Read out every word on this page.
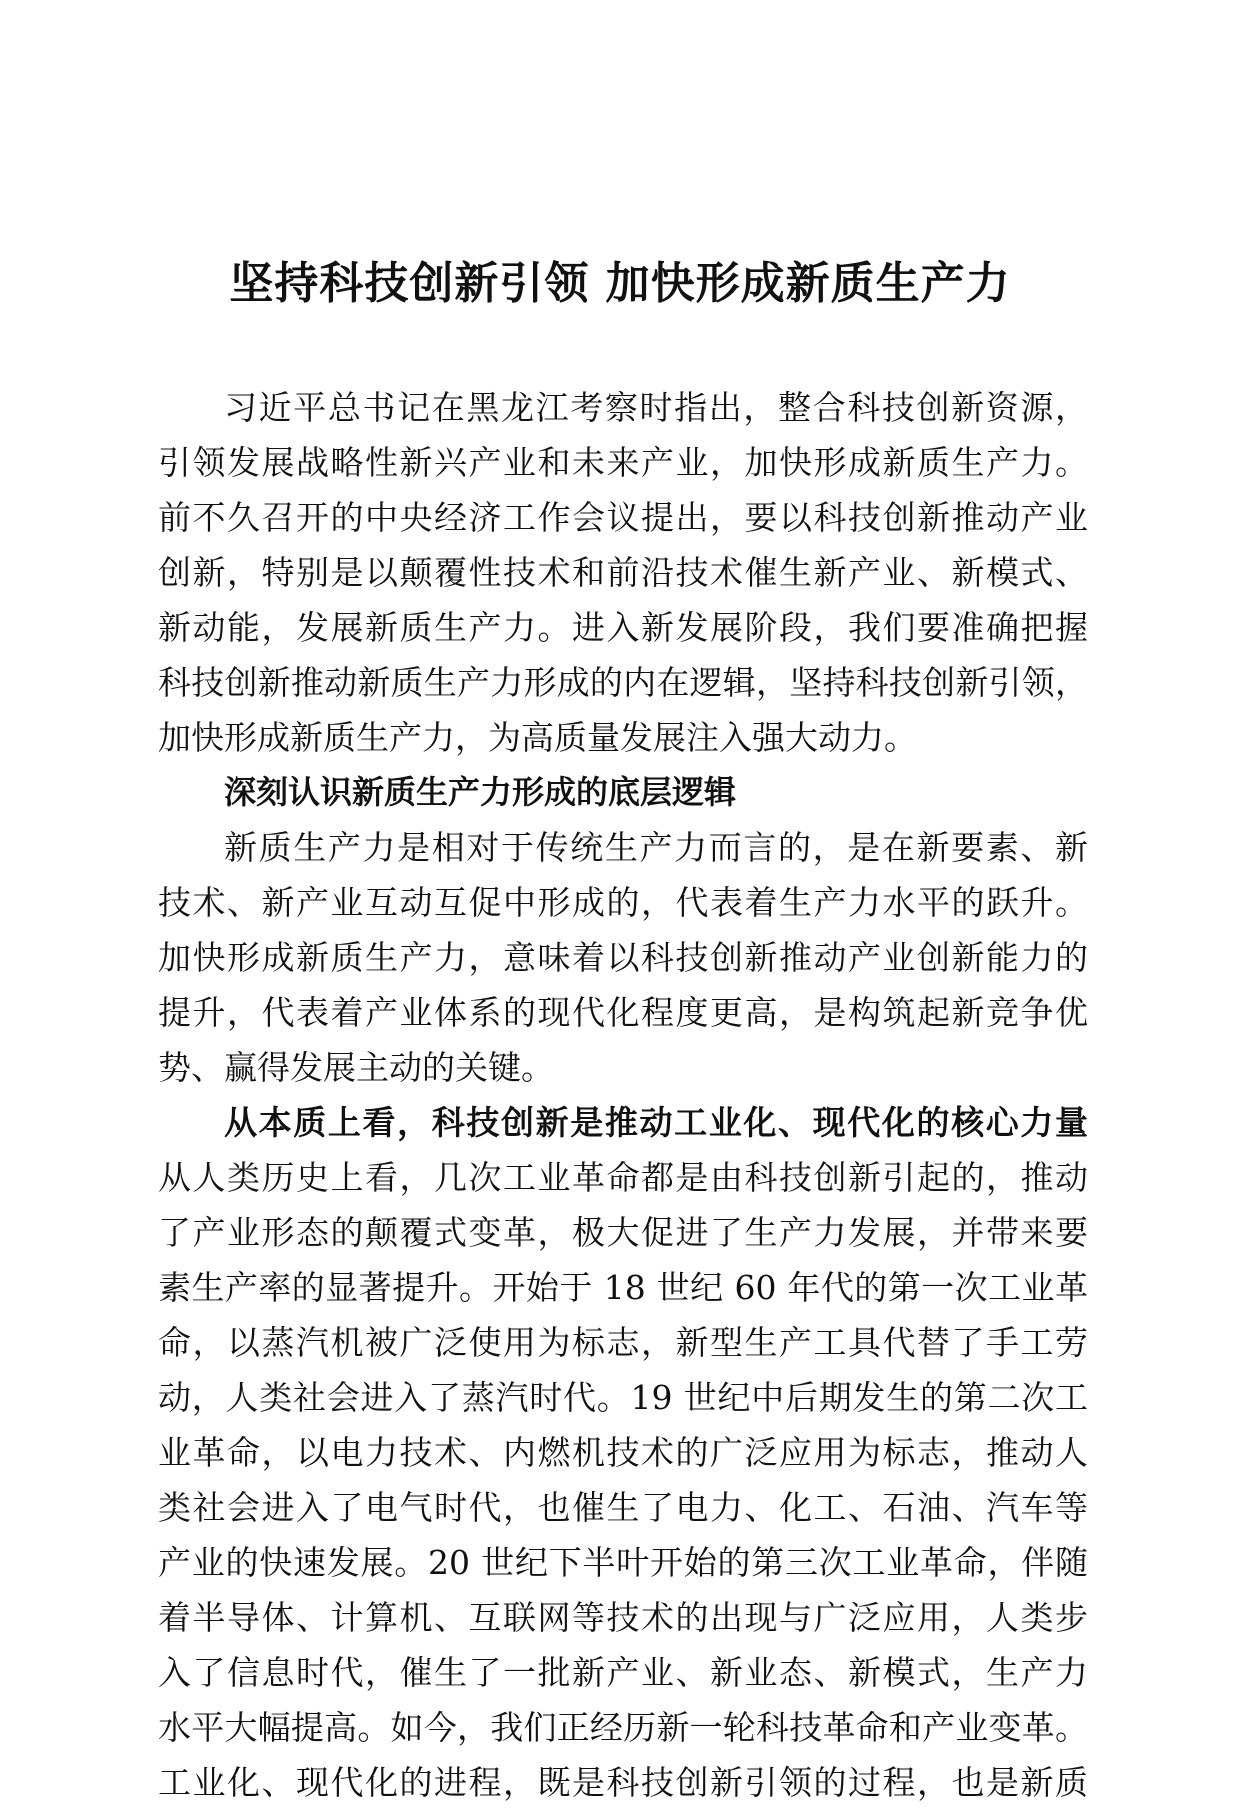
坚持科技创新引领 加快形成新质生产力
习近平总书记在黑龙江考察时指出，整合科技创新资源，
引领发展战略性新兴产业和未来产业，加快形成新质生产力。
前不久召开的中央经济工作会议提出，要以科技创新推动产业
创新，特别是以颠覆性技术和前沿技术催生新产业、新模式、
新动能，发展新质生产力。进入新发展阶段，我们要准确把握
科技创新推动新质生产力形成的内在逻辑，坚持科技创新引领，
加快形成新质生产力，为高质量发展注入强大动力。
深刻认识新质生产力形成的底层逻辑
新质生产力是相对于传统生产力而言的，是在新要素、新
技术、新产业互动互促中形成的，代表着生产力水平的跃升。
加快形成新质生产力，意味着以科技创新推动产业创新能力的
提升，代表着产业体系的现代化程度更高，是构筑起新竞争优
势、赢得发展主动的关键。
从本质上看，科技创新是推动工业化、现代化的核心力量
从人类历史上看，几次工业革命都是由科技创新引起的，推动
了产业形态的颠覆式变革，极大促进了生产力发展，并带来要
素生产率的显著提升。开始于 18 世纪 60 年代的第一次工业革
命，以蒸汽机被广泛使用为标志，新型生产工具代替了手工劳
动，人类社会进入了蒸汽时代。19 世纪中后期发生的第二次工
业革命，以电力技术、内燃机技术的广泛应用为标志，推动人
类社会进入了电气时代，也催生了电力、化工、石油、汽车等
产业的快速发展。20 世纪下半叶开始的第三次工业革命，伴随
着半导体、计算机、互联网等技术的出现与广泛应用，人类步
入了信息时代，催生了一批新产业、新业态、新模式，生产力
水平大幅提高。如今，我们正经历新一轮科技革命和产业变革。
工业化、现代化的进程，既是科技创新引领的过程，也是新质
